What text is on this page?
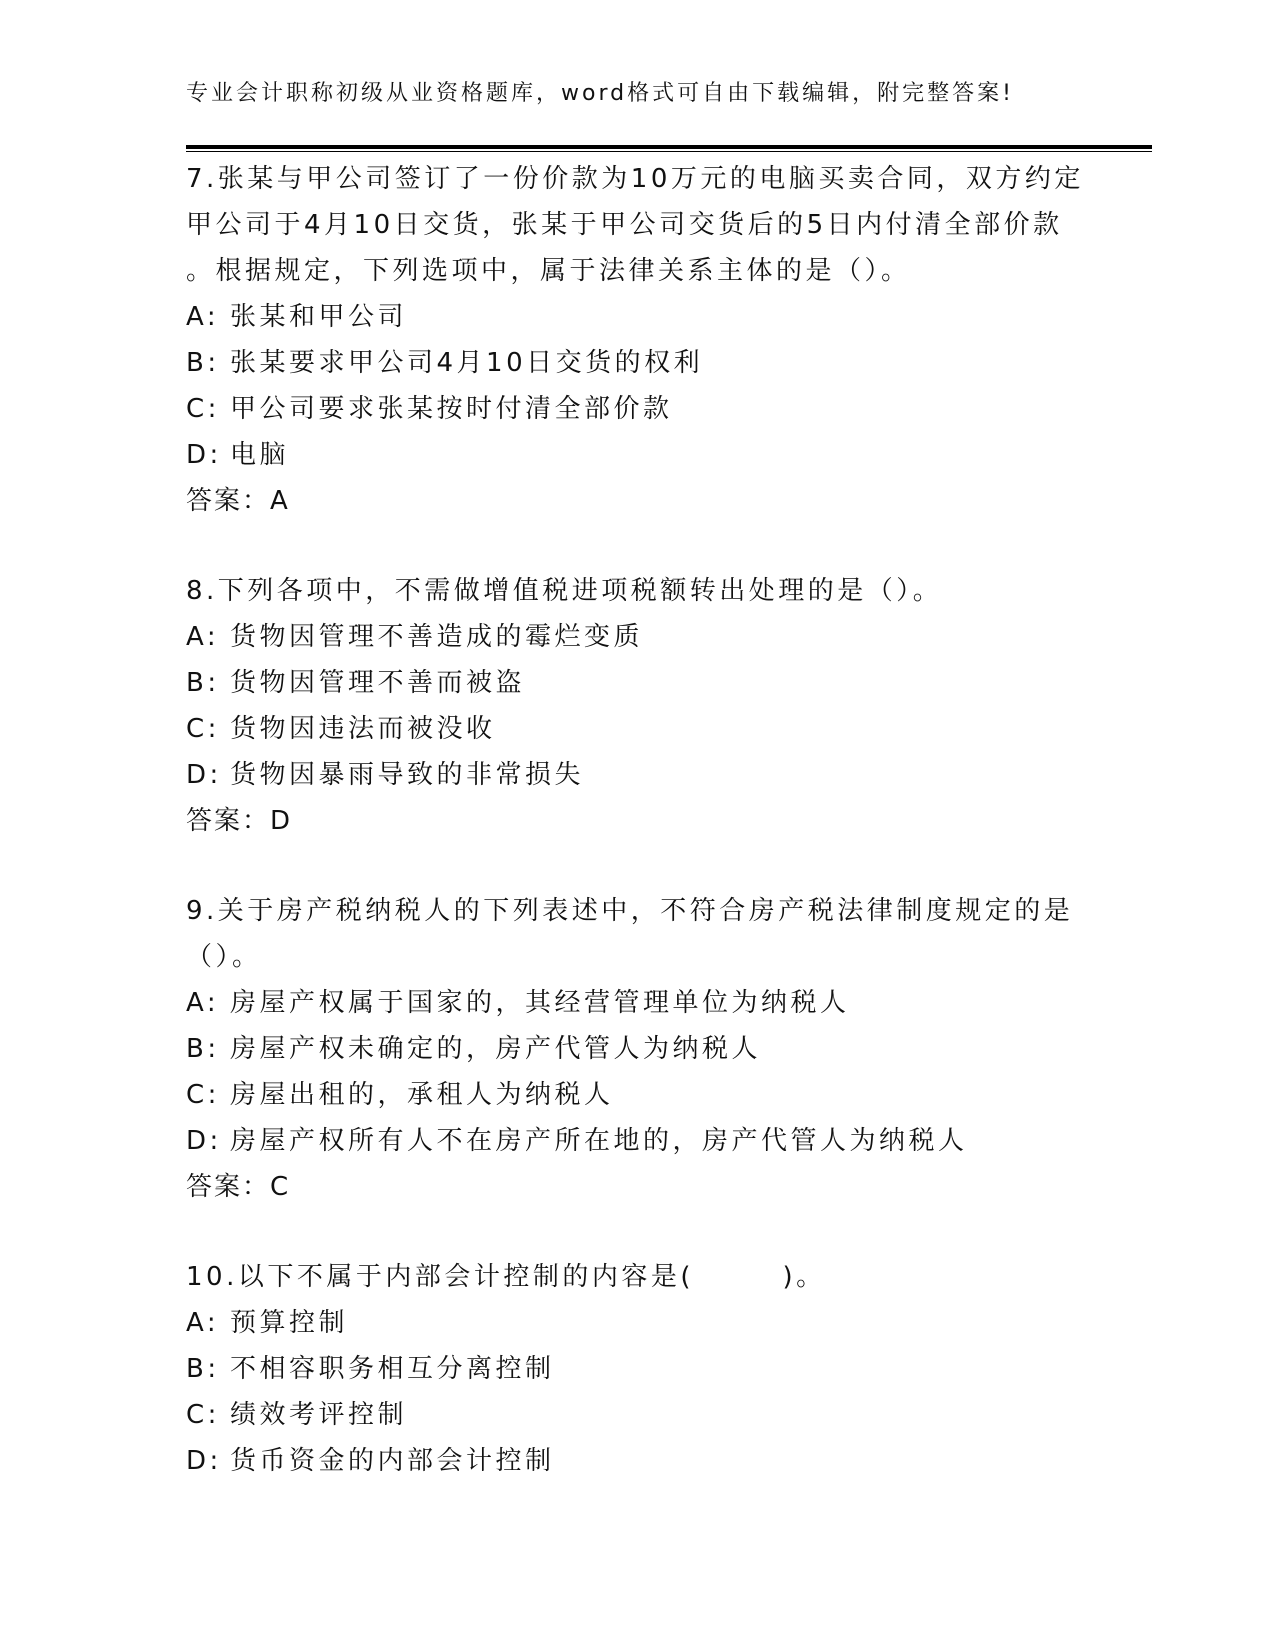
专业会计职称初级从业资格题库，word格式可自由下载编辑，附完整答案!
7.张某与甲公司签订了一份价款为10万元的电脑买卖合同，双方约定
甲公司于4月10日交货，张某于甲公司交货后的5日内付清全部价款
。根据规定，下列选项中，属于法律关系主体的是（）。
A: 张某和甲公司
B: 张某要求甲公司4月10日交货的权利
C: 甲公司要求张某按时付清全部价款
D: 电脑
答案：A
8.下列各项中，不需做增值税进项税额转出处理的是（）。
A: 货物因管理不善造成的霉烂变质
B: 货物因管理不善而被盗
C: 货物因违法而被没收
D: 货物因暴雨导致的非常损失
答案：D
9.关于房产税纳税人的下列表述中，不符合房产税法律制度规定的是
（）。
A: 房屋产权属于国家的，其经营管理单位为纳税人
B: 房屋产权未确定的，房产代管人为纳税人
C: 房屋出租的，承租人为纳税人
D: 房屋产权所有人不在房产所在地的，房产代管人为纳税人
答案：C
10.以下不属于内部会计控制的内容是(　　　)。
A: 预算控制
B: 不相容职务相互分离控制
C: 绩效考评控制
D: 货币资金的内部会计控制
